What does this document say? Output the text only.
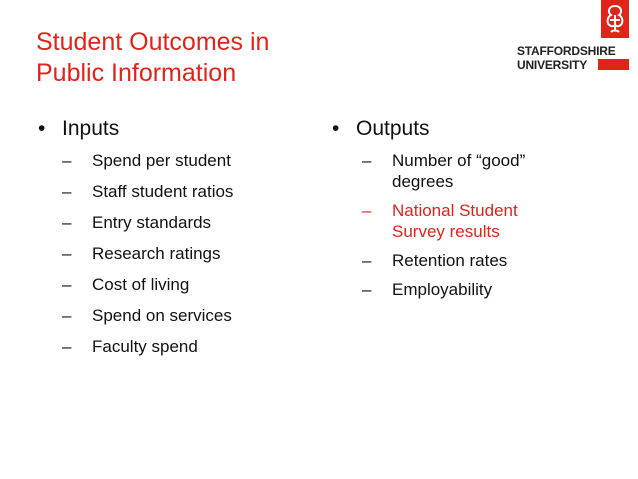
Student Outcomes in
Public Information
STAFFORDSHIRE
UNIVERSITY
• Inputs
–	Spend per student
–	Staff student ratios
–	Entry standards
–	Research ratings
–	Cost of living
–	Spend on services
–	Faculty spend
• Outputs
–	Number of “good” degrees
–	National Student Survey results
–	Retention rates
–	Employability
